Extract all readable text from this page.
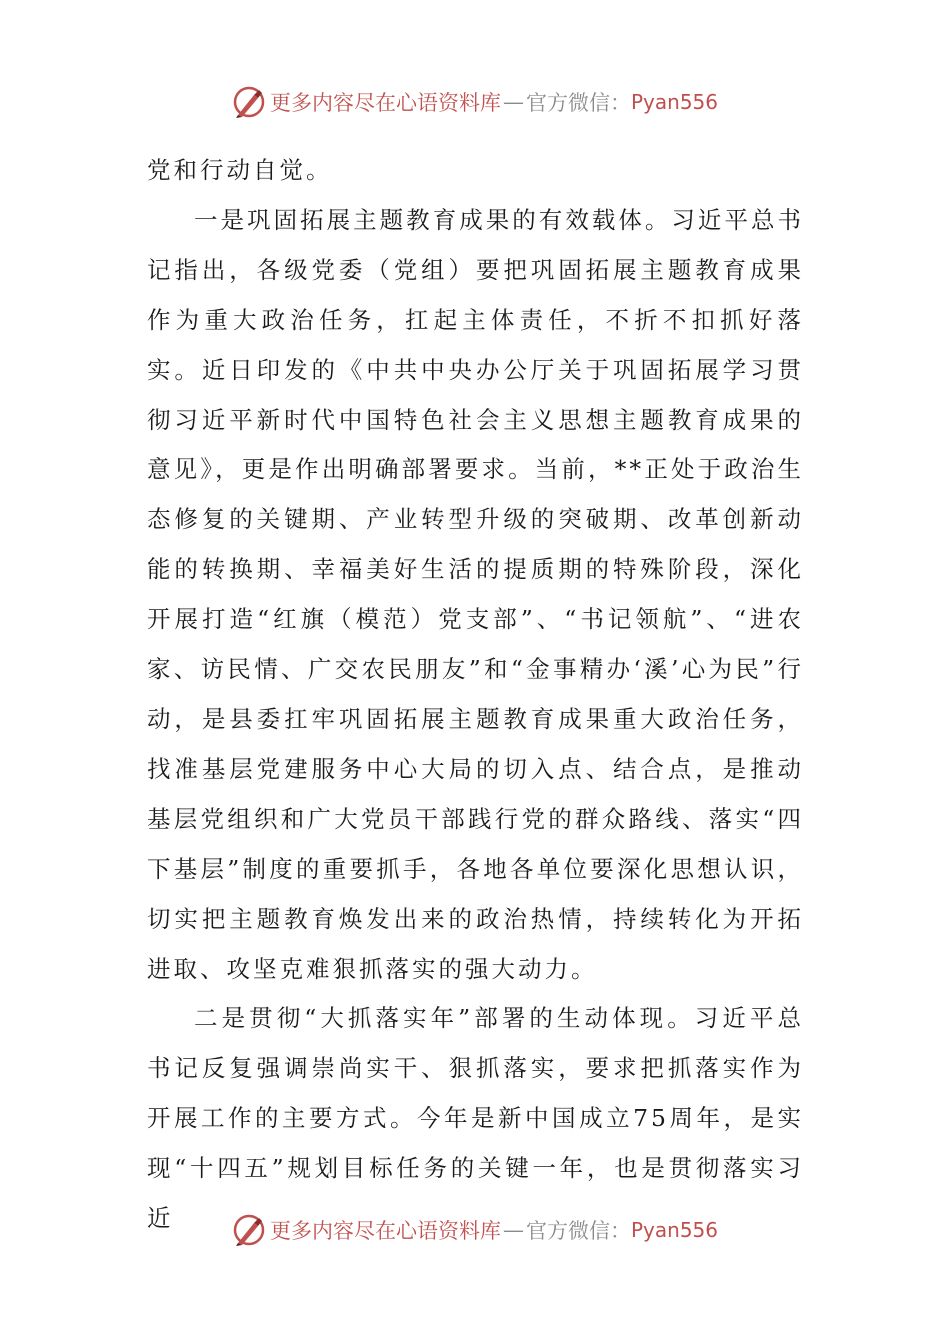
更多内容尽在心语资料库 — 官方微信： Pyan556

党和行动自觉。

一是巩固拓展主题教育成果的有效载体。习近平总书记指出，各级党委（党组）要把巩固拓展主题教育成果作为重大政治任务，扛起主体责任，不折不扣抓好落实。近日印发的《中共中央办公厅关于巩固拓展学习贯彻习近平新时代中国特色社会主义思想主题教育成果的意见》，更是作出明确部署要求。当前，**正处于政治生态修复的关键期、产业转型升级的突破期、改革创新动能的转换期、幸福美好生活的提质期的特殊阶段，深化开展打造“红旗（模范）党支部”、“书记领航”、“进农家、访民情、广交农民朋友”和“金事精办‘溪’心为民”行动，是县委扛牢巩固拓展主题教育成果重大政治任务，找准基层党建服务中心大局的切入点、结合点，是推动基层党组织和广大党员干部践行党的群众路线、落实“四下基层”制度的重要抓手，各地各单位要深化思想认识，切实把主题教育焕发出来的政治热情，持续转化为开拓进取、攻坚克难狠抓落实的强大动力。

二是贯彻“大抓落实年”部署的生动体现。习近平总书记反复强调崇尚实干、狠抓落实，要求把抓落实作为开展工作的主要方式。今年是新中国成立75周年，是实现“十四五”规划目标任务的关键一年，也是贯彻落实习近	更多内容尽在心语资料库 — 官方微信： Pyan556
